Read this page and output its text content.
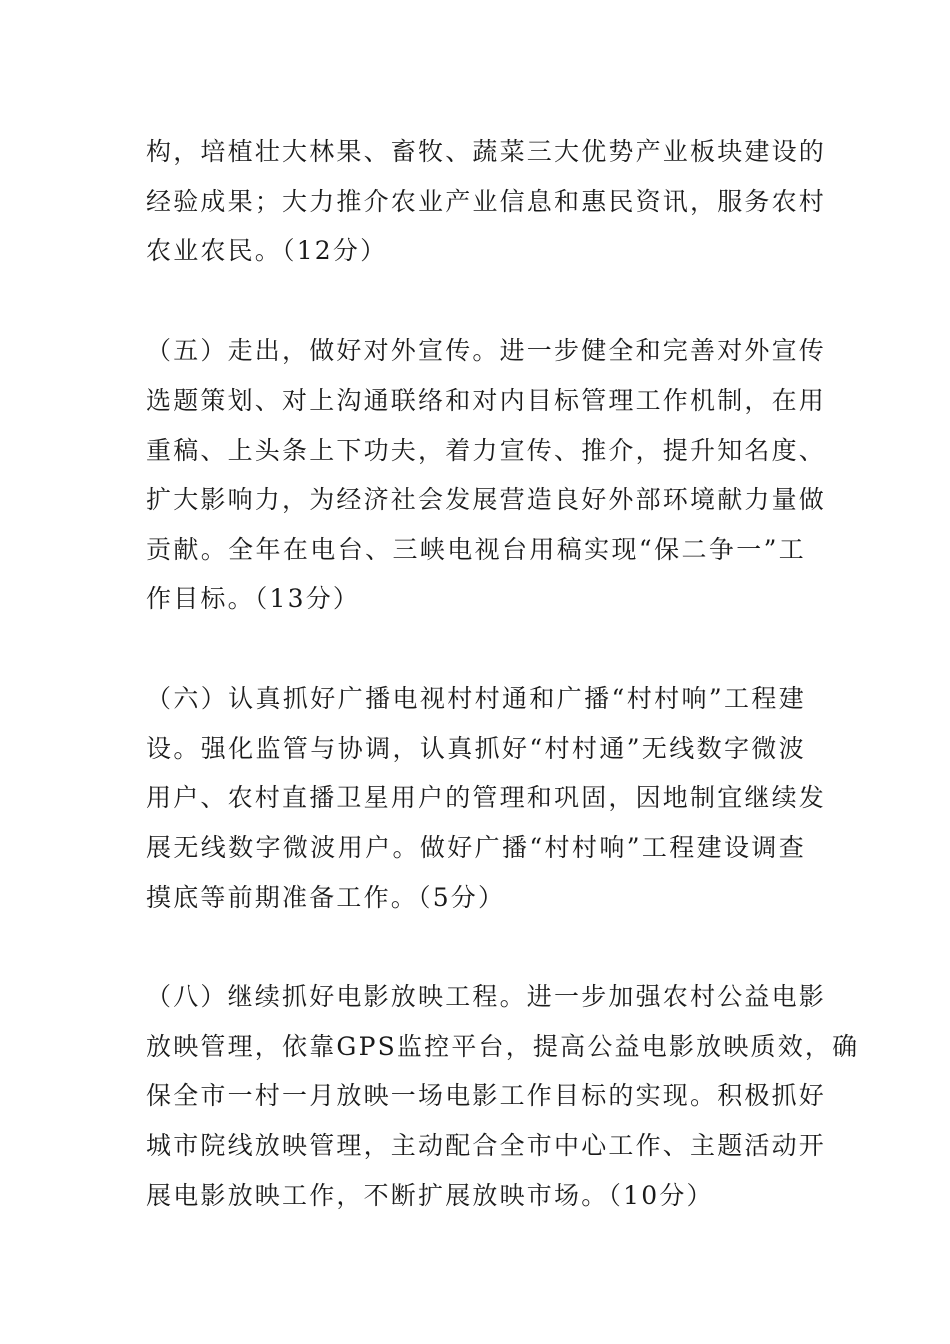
构，培植壮大林果、畜牧、蔬菜三大优势产业板块建设的
经验成果；大力推介农业产业信息和惠民资讯，服务农村
农业农民。（12分）
（五）走出，做好对外宣传。进一步健全和完善对外宣传
选题策划、对上沟通联络和对内目标管理工作机制，在用
重稿、上头条上下功夫，着力宣传、推介，提升知名度、
扩大影响力，为经济社会发展营造良好外部环境献力量做
贡献。全年在电台、三峡电视台用稿实现“保二争一”工
作目标。（13分）
（六）认真抓好广播电视村村通和广播“村村响”工程建
设。强化监管与协调，认真抓好“村村通”无线数字微波
用户、农村直播卫星用户的管理和巩固，因地制宜继续发
展无线数字微波用户。做好广播“村村响”工程建设调查
摸底等前期准备工作。（5分）
（八）继续抓好电影放映工程。进一步加强农村公益电影
放映管理，依靠GPS监控平台，提高公益电影放映质效，确
保全市一村一月放映一场电影工作目标的实现。积极抓好
城市院线放映管理，主动配合全市中心工作、主题活动开
展电影放映工作，不断扩展放映市场。（10分）
